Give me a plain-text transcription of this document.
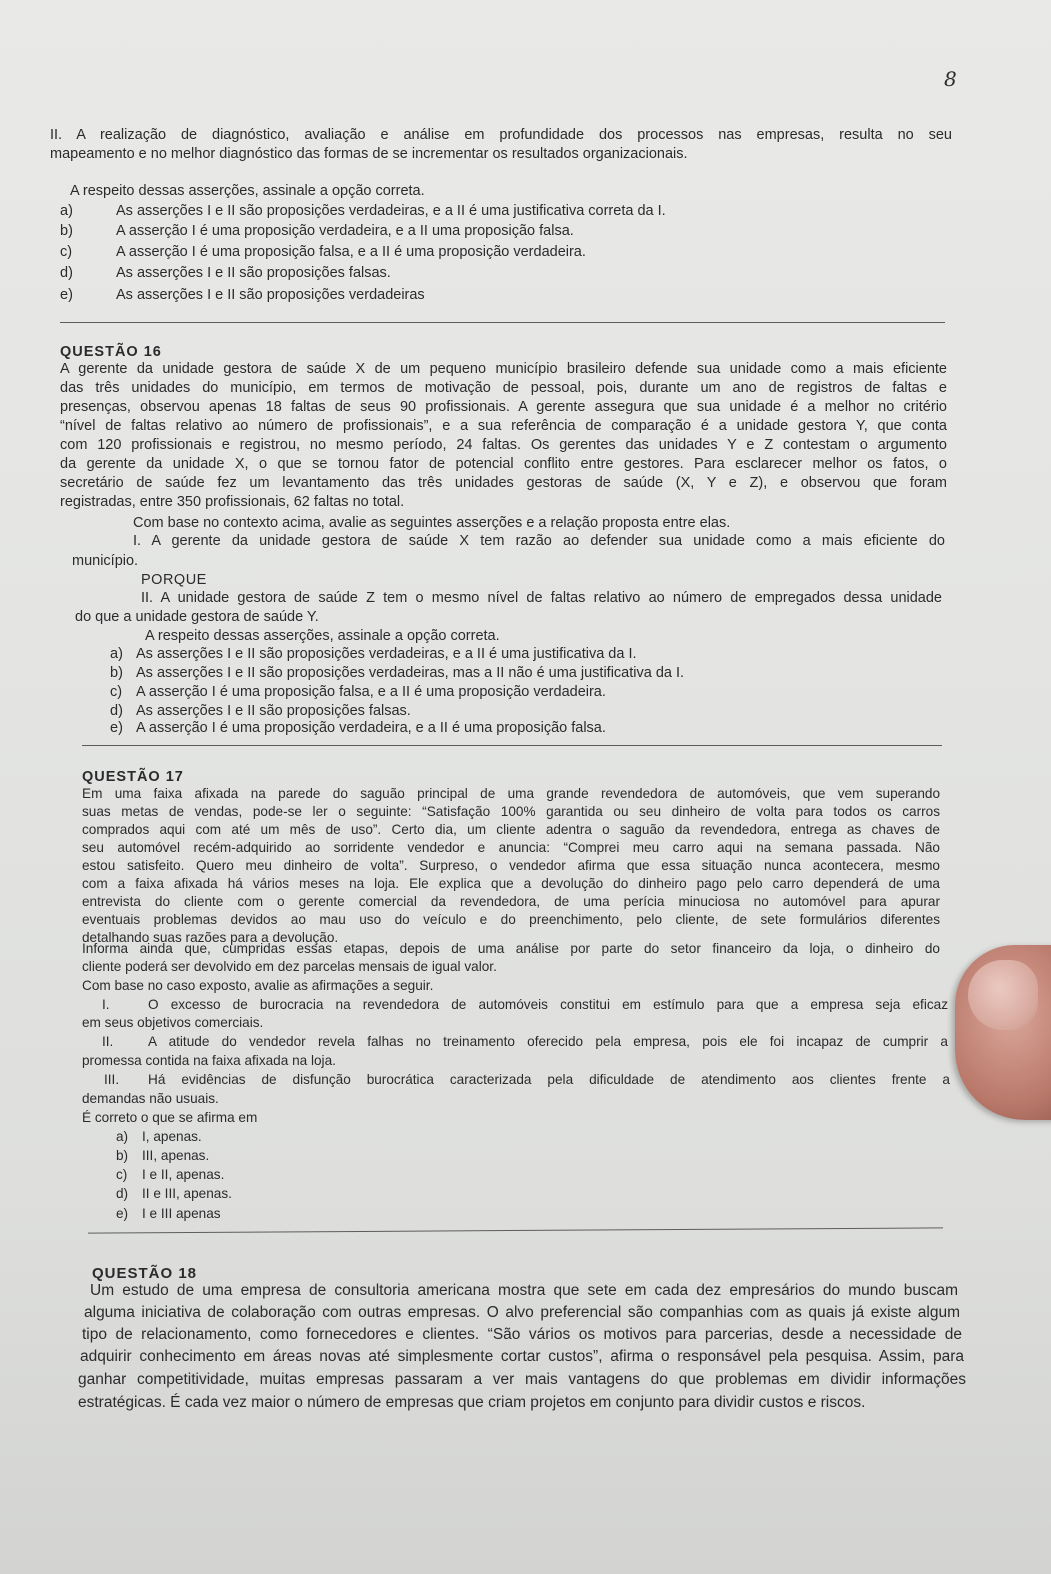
8
II. A realização de diagnóstico, avaliação e análise em profundidade dos processos nas empresas, resulta no seu
mapeamento e no melhor diagnóstico das formas de se incrementar os resultados organizacionais.
A respeito dessas asserções, assinale a opção correta.
a)	As asserções I e II são proposições verdadeiras, e a II é uma justificativa correta da I.
b)	A asserção I é uma proposição verdadeira, e a II uma proposição falsa.
c)	A asserção I é uma proposição falsa, e a II é uma proposição verdadeira.
d)	As asserções I e II são proposições falsas.
e)	As asserções I e II são proposições verdadeiras
QUESTÃO 16
A gerente da unidade gestora de saúde X de um pequeno município brasileiro defende sua unidade como a mais eficiente
das três unidades do município, em termos de motivação de pessoal, pois, durante um ano de registros de faltas e
presenças, observou apenas 18 faltas de seus 90 profissionais. A gerente assegura que sua unidade é a melhor no critério
“nível de faltas relativo ao número de profissionais”, e a sua referência de comparação é a unidade gestora Y, que conta
com 120 profissionais e registrou, no mesmo período, 24 faltas. Os gerentes das unidades Y e Z contestam o argumento
da gerente da unidade X, o que se tornou fator de potencial conflito entre gestores. Para esclarecer melhor os fatos, o
secretário de saúde fez um levantamento das três unidades gestoras de saúde (X, Y e Z), e observou que foram
registradas, entre 350 profissionais, 62 faltas no total.
Com base no contexto acima, avalie as seguintes asserções e a relação proposta entre elas.
I. A gerente da unidade gestora de saúde X tem razão ao defender sua unidade como a mais eficiente do
município.
PORQUE
II. A unidade gestora de saúde Z tem o mesmo nível de faltas relativo ao número de empregados dessa unidade
do que a unidade gestora de saúde Y.
A respeito dessas asserções, assinale a opção correta.
a) As asserções I e II são proposições verdadeiras, e a II é uma justificativa da I.
b) As asserções I e II são proposições verdadeiras, mas a II não é uma justificativa da I.
c) A asserção I é uma proposição falsa, e a II é uma proposição verdadeira.
d) As asserções I e II são proposições falsas.
e) A asserção I é uma proposição verdadeira, e a II é uma proposição falsa.
QUESTÃO 17
Em uma faixa afixada na parede do saguão principal de uma grande revendedora de automóveis, que vem superando
suas metas de vendas, pode-se ler o seguinte: “Satisfação 100% garantida ou seu dinheiro de volta para todos os carros
comprados aqui com até um mês de uso”. Certo dia, um cliente adentra o saguão da revendedora, entrega as chaves de
seu automóvel recém-adquirido ao sorridente vendedor e anuncia: “Comprei meu carro aqui na semana passada. Não
estou satisfeito. Quero meu dinheiro de volta”. Surpreso, o vendedor afirma que essa situação nunca acontecera, mesmo
com a faixa afixada há vários meses na loja. Ele explica que a devolução do dinheiro pago pelo carro dependerá de uma
entrevista do cliente com o gerente comercial da revendedora, de uma perícia minuciosa no automóvel para apurar
eventuais problemas devidos ao mau uso do veículo e do preenchimento, pelo cliente, de sete formulários diferentes
detalhando suas razões para a devolução.
Informa ainda que, cumpridas essas etapas, depois de uma análise por parte do setor financeiro da loja, o dinheiro do
cliente poderá ser devolvido em dez parcelas mensais de igual valor.
Com base no caso exposto, avalie as afirmações a seguir.
I.	O excesso de burocracia na revendedora de automóveis constitui em estímulo para que a empresa seja eficaz
em seus objetivos comerciais.
II.	A atitude do vendedor revela falhas no treinamento oferecido pela empresa, pois ele foi incapaz de cumprir a
promessa contida na faixa afixada na loja.
III. Há evidências de disfunção burocrática caracterizada pela dificuldade de atendimento aos clientes frente a
demandas não usuais.
É correto o que se afirma em
a) I, apenas.
b) III, apenas.
c) I e II, apenas.
d) II e III, apenas.
e) I e III apenas
QUESTÃO 18
Um estudo de uma empresa de consultoria americana mostra que sete em cada dez empresários do mundo buscam
alguma iniciativa de colaboração com outras empresas. O alvo preferencial são companhias com as quais já existe algum
tipo de relacionamento, como fornecedores e clientes. “São vários os motivos para parcerias, desde a necessidade de
adquirir conhecimento em áreas novas até simplesmente cortar custos”, afirma o responsável pela pesquisa. Assim, para
ganhar competitividade, muitas empresas passaram a ver mais vantagens do que problemas em dividir informações
estratégicas. É cada vez maior o número de empresas que criam projetos em conjunto para dividir custos e riscos.
